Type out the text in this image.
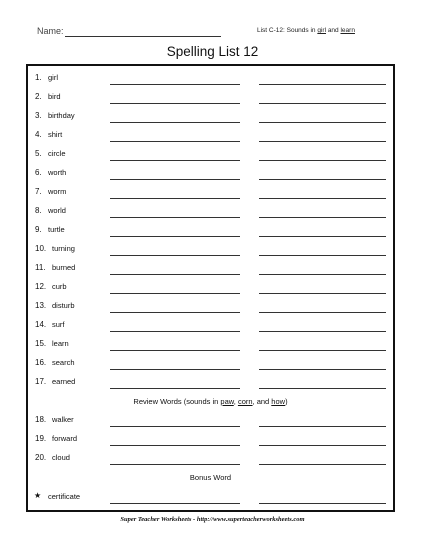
Name:	List C-12: Sounds in girl and learn
Spelling List 12
1. girl
2. bird
3. birthday
4. shirt
5. circle
6. worth
7. worm
8. world
9. turtle
10. turning
11. burned
12. curb
13. disturb
14. surf
15. learn
16. search
17. earned
Review Words (sounds in paw, corn, and how)
18. walker
19. forward
20. cloud
Bonus Word
★ certificate
Super Teacher Worksheets - http://www.superteacherworksheets.com
